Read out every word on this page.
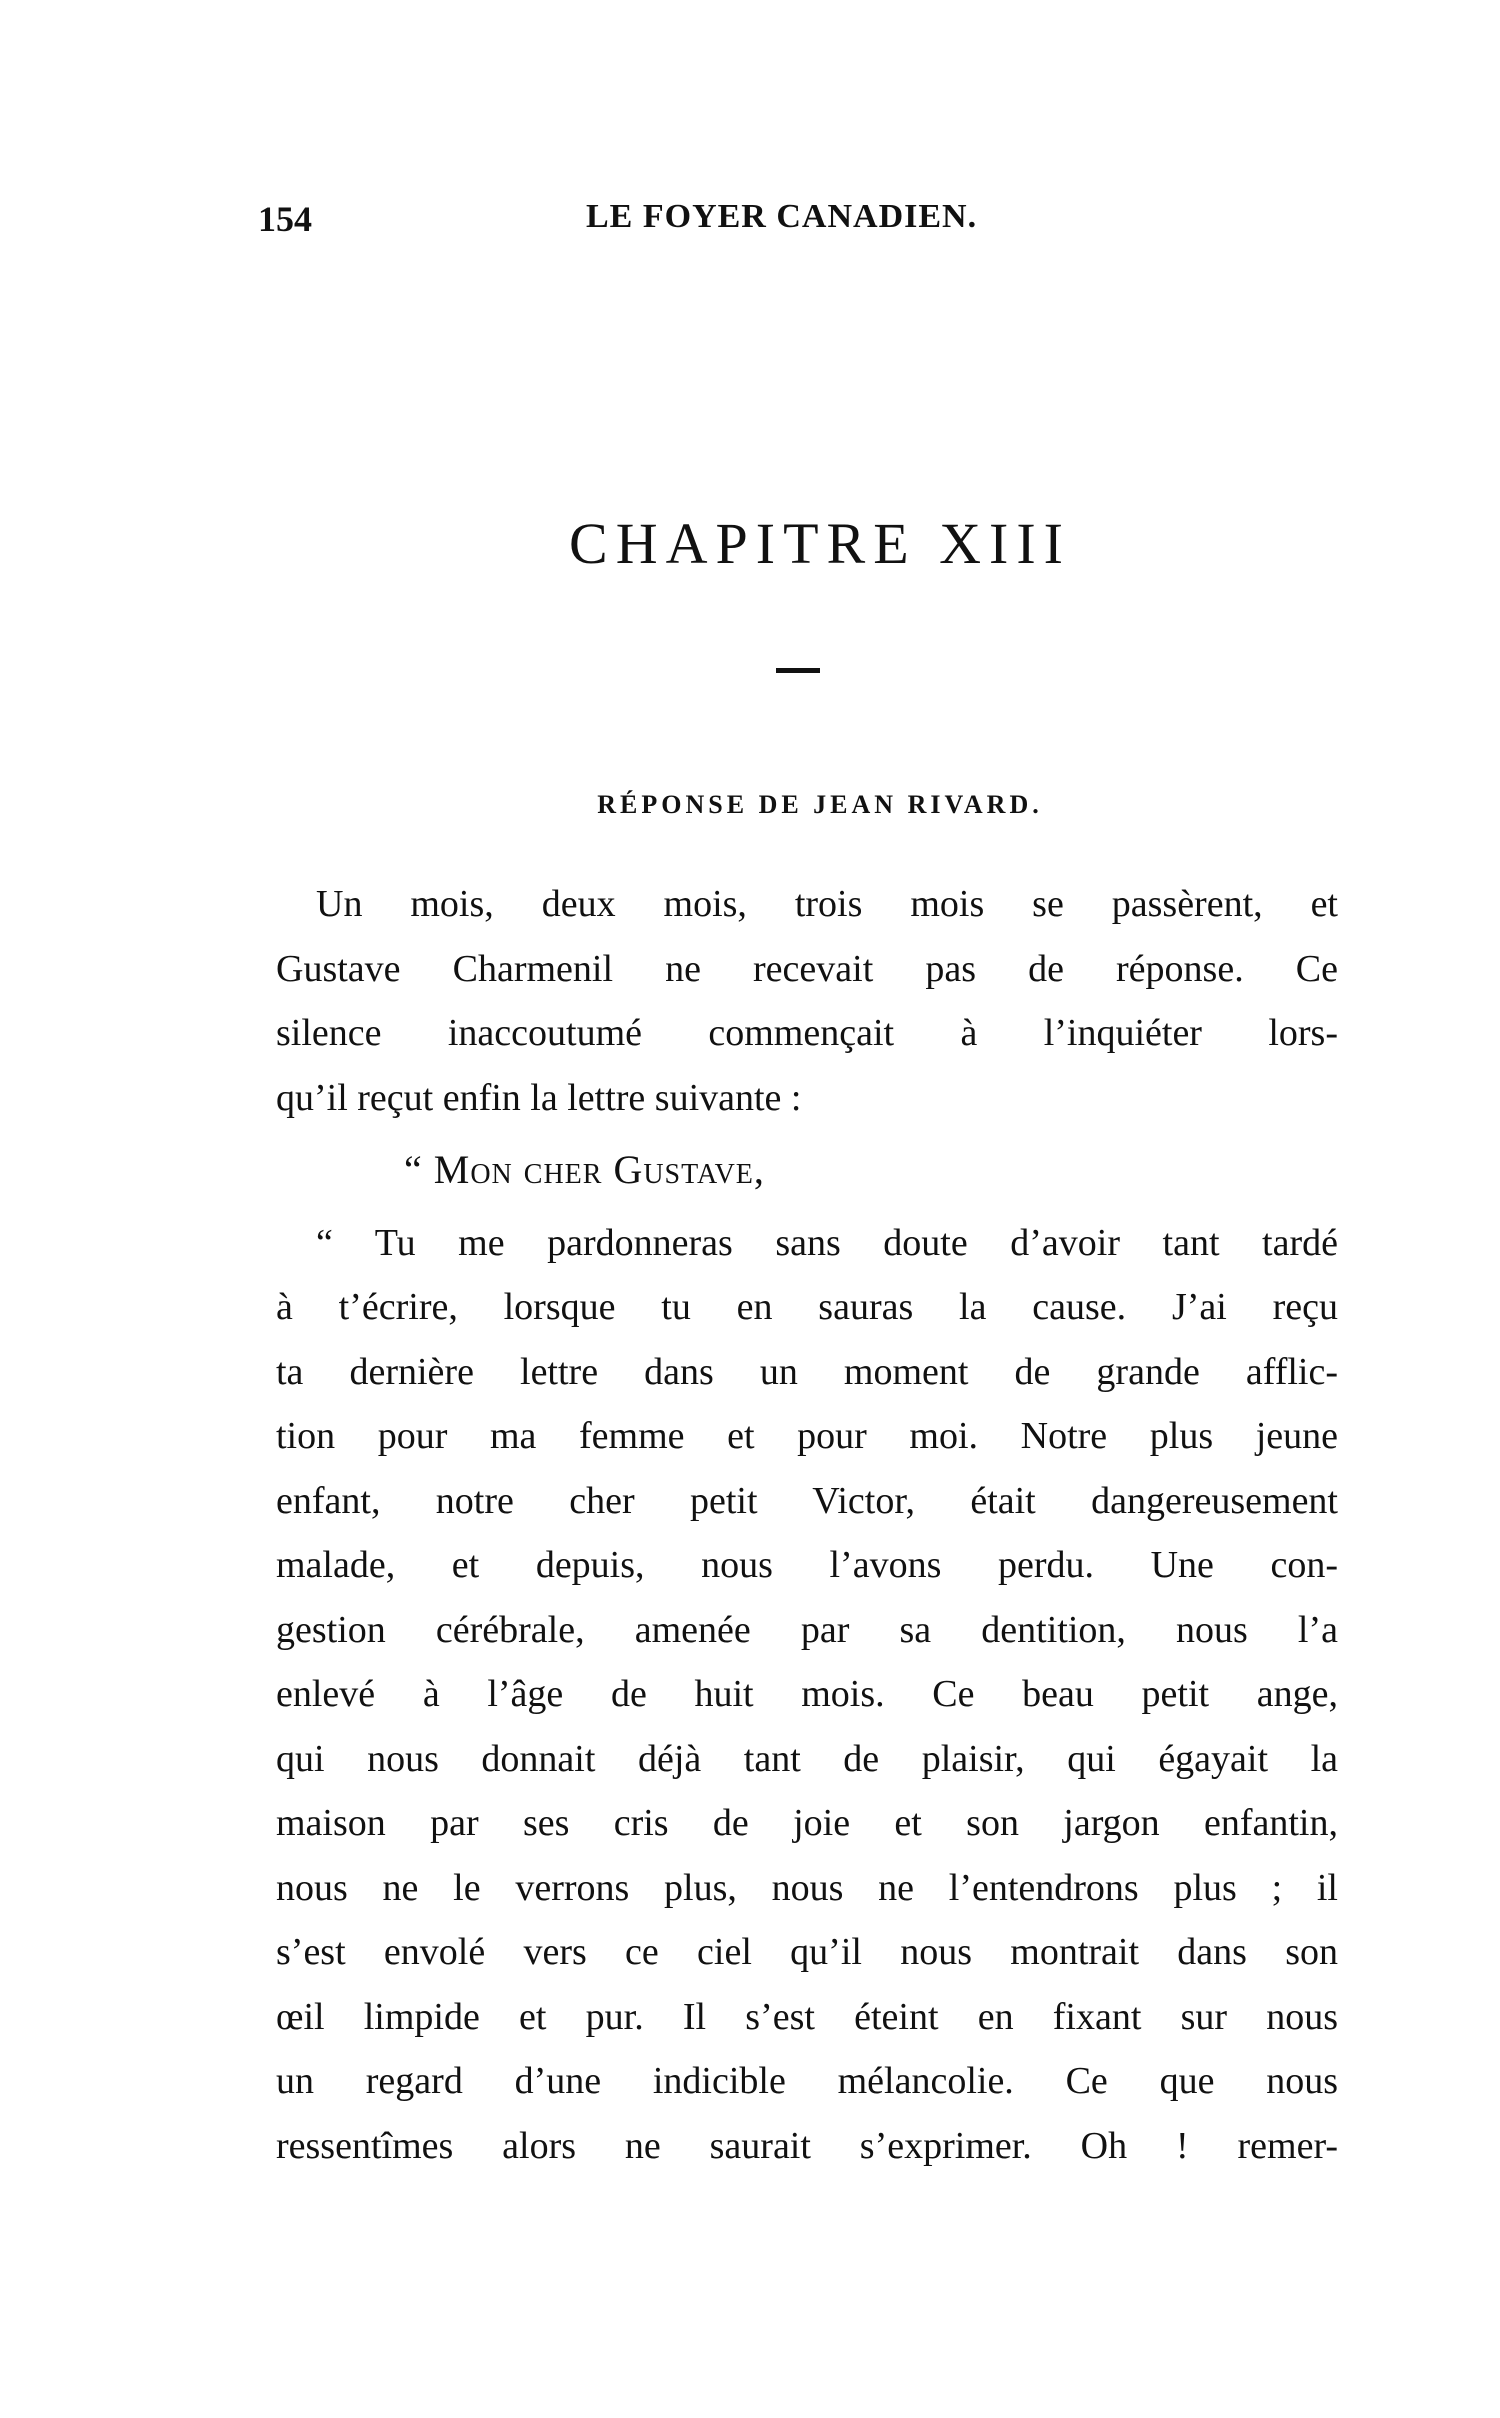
154	LE FOYER CANADIEN.
CHAPITRE XIII
RÉPONSE DE JEAN RIVARD.
Un mois, deux mois, trois mois se passèrent, et
Gustave Charmenil ne recevait pas de réponse. Ce
silence inaccoutumé commençait à l’inquiéter lors-
qu’il reçut enfin la lettre suivante :
“ Mon cher Gustave,
“ Tu me pardonneras sans doute d’avoir tant tardé
à t’écrire, lorsque tu en sauras la cause. J’ai reçu
ta dernière lettre dans un moment de grande afflic-
tion pour ma femme et pour moi. Notre plus jeune
enfant, notre cher petit Victor, était dangereusement
malade, et depuis, nous l’avons perdu. Une con-
gestion cérébrale, amenée par sa dentition, nous l’a
enlevé à l’âge de huit mois. Ce beau petit ange,
qui nous donnait déjà tant de plaisir, qui égayait la
maison par ses cris de joie et son jargon enfantin,
nous ne le verrons plus, nous ne l’entendrons plus ; il
s’est envolé vers ce ciel qu’il nous montrait dans son
œil limpide et pur. Il s’est éteint en fixant sur nous
un regard d’une indicible mélancolie. Ce que nous
ressentîmes alors ne saurait s’exprimer. Oh ! remer-
